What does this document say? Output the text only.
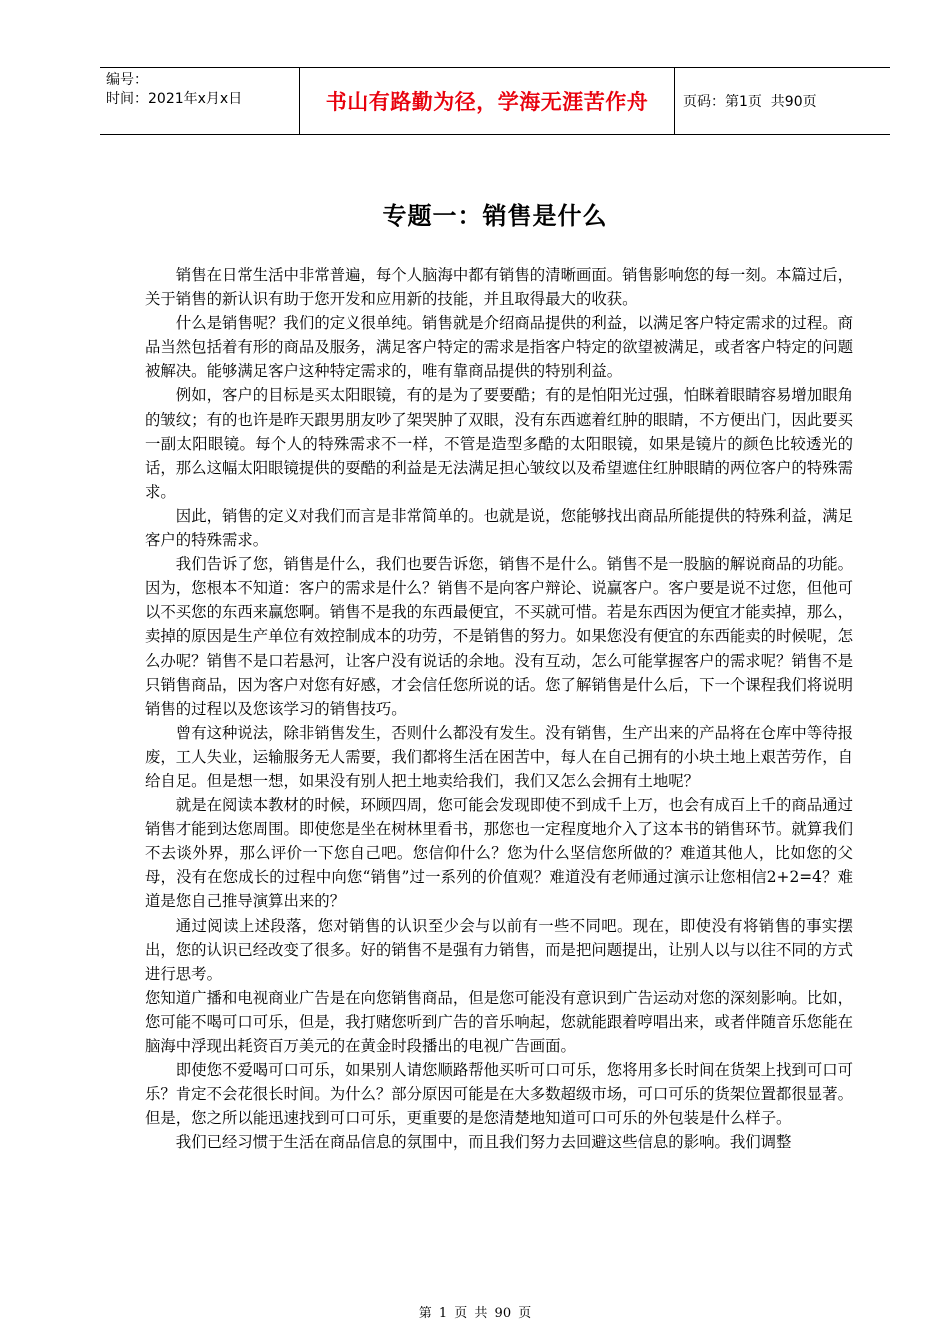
编号：
时间：2021年x月x日	书山有路勤为径，学海无涯苦作舟	页码：第1页  共90页
专题一：销售是什么

销售在日常生活中非常普遍，每个人脑海中都有销售的清晰画面。销售影响您的每一刻。本篇过后，关于销售的新认识有助于您开发和应用新的技能，并且取得最大的收获。

什么是销售呢？我们的定义很单纯。销售就是介绍商品提供的利益，以满足客户特定需求的过程。商品当然包括着有形的商品及服务，满足客户特定的需求是指客户特定的欲望被满足，或者客户特定的问题被解决。能够满足客户这种特定需求的，唯有靠商品提供的特别利益。

例如，客户的目标是买太阳眼镜，有的是为了要要酷；有的是怕阳光过强，怕眯着眼睛容易增加眼角的皱纹；有的也许是昨天跟男朋友吵了架哭肿了双眼，没有东西遮着红肿的眼睛，不方便出门，因此要买一副太阳眼镜。每个人的特殊需求不一样，不管是造型多酷的太阳眼镜，如果是镜片的颜色比较透光的话，那么这幅太阳眼镜提供的耍酷的利益是无法满足担心皱纹以及希望遮住红肿眼睛的两位客户的特殊需求。

因此，销售的定义对我们而言是非常简单的。也就是说，您能够找出商品所能提供的特殊利益，满足客户的特殊需求。

我们告诉了您，销售是什么，我们也要告诉您，销售不是什么。销售不是一股脑的解说商品的功能。因为，您根本不知道：客户的需求是什么？销售不是向客户辩论、说赢客户。客户要是说不过您，但他可以不买您的东西来赢您啊。销售不是我的东西最便宜，不买就可惜。若是东西因为便宜才能卖掉，那么，卖掉的原因是生产单位有效控制成本的功劳，不是销售的努力。如果您没有便宜的东西能卖的时候呢，怎么办呢？销售不是口若悬河，让客户没有说话的余地。没有互动，怎么可能掌握客户的需求呢？销售不是只销售商品，因为客户对您有好感，才会信任您所说的话。您了解销售是什么后，下一个课程我们将说明销售的过程以及您该学习的销售技巧。

曾有这种说法，除非销售发生，否则什么都没有发生。没有销售，生产出来的产品将在仓库中等待报废，工人失业，运输服务无人需要，我们都将生活在困苦中，每人在自己拥有的小块土地上艰苦劳作，自给自足。但是想一想，如果没有别人把土地卖给我们，我们又怎么会拥有土地呢？

就是在阅读本教材的时候，环顾四周，您可能会发现即使不到成千上万，也会有成百上千的商品通过销售才能到达您周围。即使您是坐在树林里看书，那您也一定程度地介入了这本书的销售环节。就算我们不去谈外界，那么评价一下您自己吧。您信仰什么？您为什么坚信您所做的？难道其他人，比如您的父母，没有在您成长的过程中向您“销售”过一系列的价值观？难道没有老师通过演示让您相信2+2=4？难道是您自己推导演算出来的？

通过阅读上述段落，您对销售的认识至少会与以前有一些不同吧。现在，即使没有将销售的事实摆出，您的认识已经改变了很多。好的销售不是强有力销售，而是把问题提出，让别人以与以往不同的方式进行思考。

您知道广播和电视商业广告是在向您销售商品，但是您可能没有意识到广告运动对您的深刻影响。比如，您可能不喝可口可乐，但是，我打赌您听到广告的音乐响起，您就能跟着哼唱出来，或者伴随音乐您能在脑海中浮现出耗资百万美元的在黄金时段播出的电视广告画面。

即使您不爱喝可口可乐，如果别人请您顺路帮他买听可口可乐，您将用多长时间在货架上找到可口可乐？肯定不会花很长时间。为什么？部分原因可能是在大多数超级市场，可口可乐的货架位置都很显著。但是，您之所以能迅速找到可口可乐，更重要的是您清楚地知道可口可乐的外包装是什么样子。

我们已经习惯于生活在商品信息的氛围中，而且我们努力去回避这些信息的影响。我们调整

第 1 页 共 90 页
